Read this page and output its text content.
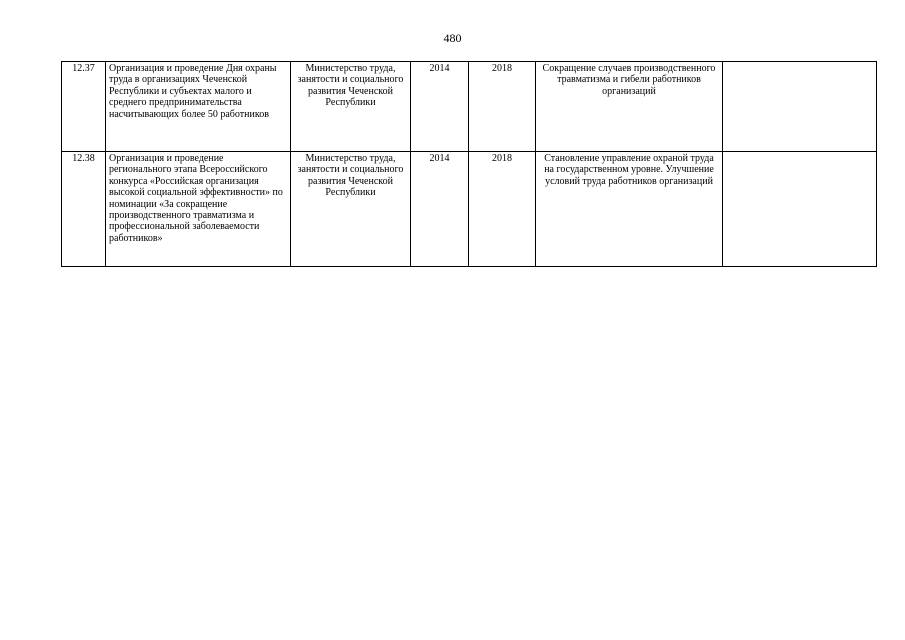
480
12.37	Организация и проведение Дня охраны труда в организациях Чеченской Республики и субъектах малого и среднего предпринимательства насчитывающих более 50 работников	Министерство труда, занятости и социального развития Чеченской Республики	2014	2018	Сокращение случаев производственного травматизма и гибели работников организаций	
12.38	Организация и проведение регионального этапа Всероссийского конкурса «Российская организация высокой социальной эффективности» по номинации «За сокращение производственного травматизма и профессиональной заболеваемости работников»	Министерство труда, занятости и социального развития Чеченской Республики	2014	2018	Становление управление охраной труда на государственном уровне. Улучшение условий труда работников организаций	
